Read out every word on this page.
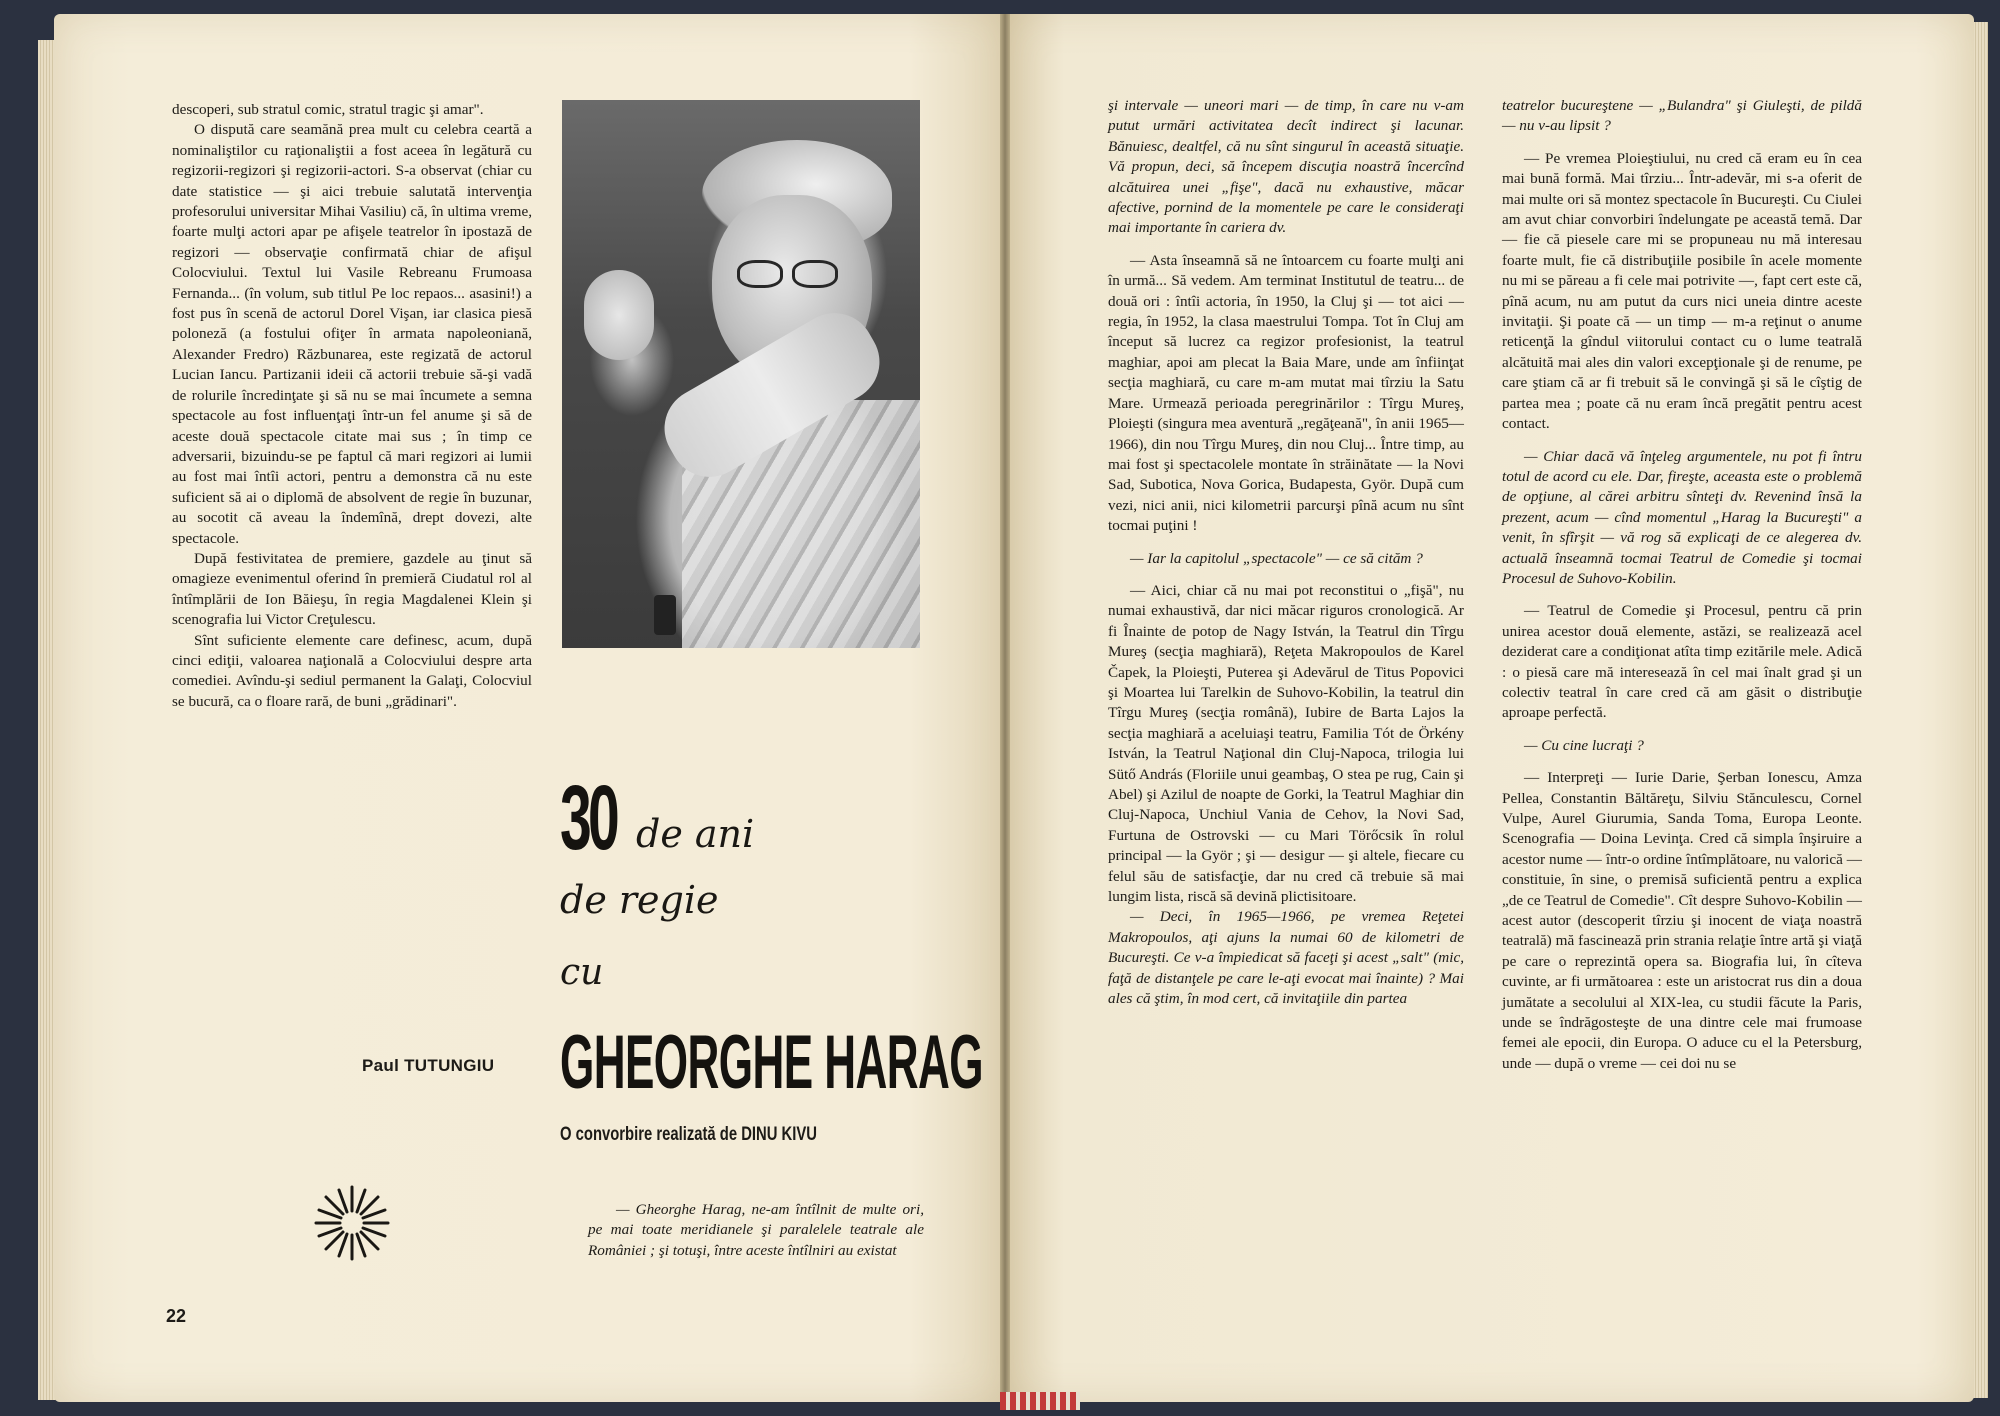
descoperi, sub stratul comic, stratul tragic şi amar".

O dispută care seamănă prea mult cu celebra ceartă a nominaliştilor cu raţionaliştii a fost aceea în legătură cu regizorii-regizori şi regizorii-actori. S-a observat (chiar cu date statistice — şi aici trebuie salutată intervenţia profesorului universitar Mihai Vasiliu) că, în ultima vreme, foarte mulţi actori apar pe afişele teatrelor în ipostază de regizori — observaţie confirmată chiar de afişul Colocviului. Textul lui Vasile Rebreanu Frumoasa Fernanda... (în volum, sub titlul Pe loc repaos... asasini!) a fost pus în scenă de actorul Dorel Vişan, iar clasica piesă poloneză (a fostului ofiţer în armata napoleoniană, Alexander Fredro) Răzbunarea, este regizată de actorul Lucian Iancu. Partizanii ideii că actorii trebuie să-şi vadă de rolurile încredinţate şi să nu se mai încumete a semna spectacole au fost influenţaţi într-un fel anume şi să de aceste două spectacole citate mai sus ; în timp ce adversarii, bizuindu-se pe faptul că mari regizori ai lumii au fost mai întîi actori, pentru a demonstra că nu este suficient să ai o diplomă de absolvent de regie în buzunar, au socotit că aveau la îndemînă, drept dovezi, alte spectacole.

După festivitatea de premiere, gazdele au ţinut să omagieze evenimentul oferind în premieră Ciudatul rol al întîmplării de Ion Băieşu, în regia Magdalenei Klein şi scenografia lui Victor Creţulescu.

Sînt suficiente elemente care definesc, acum, după cinci ediţii, valoarea naţională a Colocviului despre arta comediei. Avîndu-şi sediul permanent la Galaţi, Colocviul se bucură, ca o floare rară, de buni „grădinari".

Paul TUTUNGIU
22
30 de ani
de regie
cu
GHEORGHE HARAG
O convorbire realizată de DINU KIVU
— Gheorghe Harag, ne-am întîlnit de multe ori, pe mai toate meridianele şi paralelele teatrale ale României ; şi totuşi, între aceste întîlniri au existat

şi intervale — uneori mari — de timp, în care nu v-am putut urmări activitatea decît indirect şi lacunar. Bănuiesc, dealtfel, că nu sînt singurul în această situaţie. Vă propun, deci, să începem discuţia noastră încercînd alcătuirea unei „fişe", dacă nu exhaustive, măcar afective, pornind de la momentele pe care le consideraţi mai importante în cariera dv.

— Asta înseamnă să ne întoarcem cu foarte mulţi ani în urmă... Să vedem. Am terminat Institutul de teatru... de două ori : întîi actoria, în 1950, la Cluj şi — tot aici — regia, în 1952, la clasa maestrului Tompa. Tot în Cluj am început să lucrez ca regizor profesionist, la teatrul maghiar, apoi am plecat la Baia Mare, unde am înfiinţat secţia maghiară, cu care m-am mutat mai tîrziu la Satu Mare. Urmează perioada peregrinărilor : Tîrgu Mureş, Ploieşti (singura mea aventură „regăţeană", în anii 1965—1966), din nou Tîrgu Mureş, din nou Cluj... Între timp, au mai fost şi spectacolele montate în străinătate — la Novi Sad, Subotica, Nova Gorica, Budapesta, Györ. După cum vezi, nici anii, nici kilometrii parcurşi pînă acum nu sînt tocmai puţini !

— Iar la capitolul „spectacole" — ce să cităm ?

— Aici, chiar că nu mai pot reconstitui o „fişă", nu numai exhaustivă, dar nici măcar riguros cronologică. Ar fi Înainte de potop de Nagy István, la Teatrul din Tîrgu Mureş (secţia maghiară), Reţeta Makropoulos de Karel Čapek, la Ploieşti, Puterea şi Adevărul de Titus Popovici şi Moartea lui Tarelkin de Suhovo-Kobilin, la teatrul din Tîrgu Mureş (secţia română), Iubire de Barta Lajos la secţia maghiară a aceluiaşi teatru, Familia Tót de Örkény István, la Teatrul Naţional din Cluj-Napoca, trilogia lui Sütő András (Floriile unui geambaş, O stea pe rug, Cain şi Abel) şi Azilul de noapte de Gorki, la Teatrul Maghiar din Cluj-Napoca, Unchiul Vania de Cehov, la Novi Sad, Furtuna de Ostrovski — cu Mari Törőcsik în rolul principal — la Györ ; şi — desigur — şi altele, fiecare cu felul său de satisfacţie, dar nu cred că trebuie să mai lungim lista, riscă să devină plictisitoare.

— Deci, în 1965—1966, pe vremea Reţetei Makropoulos, aţi ajuns la numai 60 de kilometri de Bucureşti. Ce v-a împiedicat să faceţi şi acest „salt" (mic, faţă de distanţele pe care le-aţi evocat mai înainte) ? Mai ales că ştim, în mod cert, că invitaţiile din partea

teatrelor bucureştene — „Bulandra" şi Giuleşti, de pildă — nu v-au lipsit ?

— Pe vremea Ploieştiului, nu cred că eram eu în cea mai bună formă. Mai tîrziu... Într-adevăr, mi s-a oferit de mai multe ori să montez spectacole în Bucureşti. Cu Ciulei am avut chiar convorbiri îndelungate pe această temă. Dar — fie că piesele care mi se propuneau nu mă interesau foarte mult, fie că distribuţiile posibile în acele momente nu mi se păreau a fi cele mai potrivite —, fapt cert este că, pînă acum, nu am putut da curs nici uneia dintre aceste invitaţii. Şi poate că — un timp — m-a reţinut o anume reticenţă la gîndul viitorului contact cu o lume teatrală alcătuită mai ales din valori excepţionale şi de renume, pe care ştiam că ar fi trebuit să le convingă şi să le cîştig de partea mea ; poate că nu eram încă pregătit pentru acest contact.

— Chiar dacă vă înţeleg argumentele, nu pot fi întru totul de acord cu ele. Dar, fireşte, aceasta este o problemă de opţiune, al cărei arbitru sînteţi dv. Revenind însă la prezent, acum — cînd momentul „Harag la Bucureşti" a venit, în sfîrşit — vă rog să explicaţi de ce alegerea dv. actuală înseamnă tocmai Teatrul de Comedie şi tocmai Procesul de Suhovo-Kobilin.

— Teatrul de Comedie şi Procesul, pentru că prin unirea acestor două elemente, astăzi, se realizează acel deziderat care a condiţionat atîta timp ezitările mele. Adică : o piesă care mă interesează în cel mai înalt grad şi un colectiv teatral în care cred că am găsit o distribuţie aproape perfectă.

— Cu cine lucraţi ?

— Interpreţi — Iurie Darie, Şerban Ionescu, Amza Pellea, Constantin Băltăreţu, Silviu Stănculescu, Cornel Vulpe, Aurel Giurumia, Sanda Toma, Europa Leonte. Scenografia — Doina Levinţa. Cred că simpla înşiruire a acestor nume — într-o ordine întîmplătoare, nu valorică — constituie, în sine, o premisă suficientă pentru a explica „de ce Teatrul de Comedie". Cît despre Suhovo-Kobilin — acest autor (descoperit tîrziu şi inocent de viaţa noastră teatrală) mă fascinează prin strania relaţie între artă şi viaţă pe care o reprezintă opera sa. Biografia lui, în cîteva cuvinte, ar fi următoarea : este un aristocrat rus din a doua jumătate a secolului al XIX-lea, cu studii făcute la Paris, unde se îndrăgosteşte de una dintre cele mai frumoase femei ale epocii, din Europa. O aduce cu el la Petersburg, unde — după o vreme — cei doi nu se
